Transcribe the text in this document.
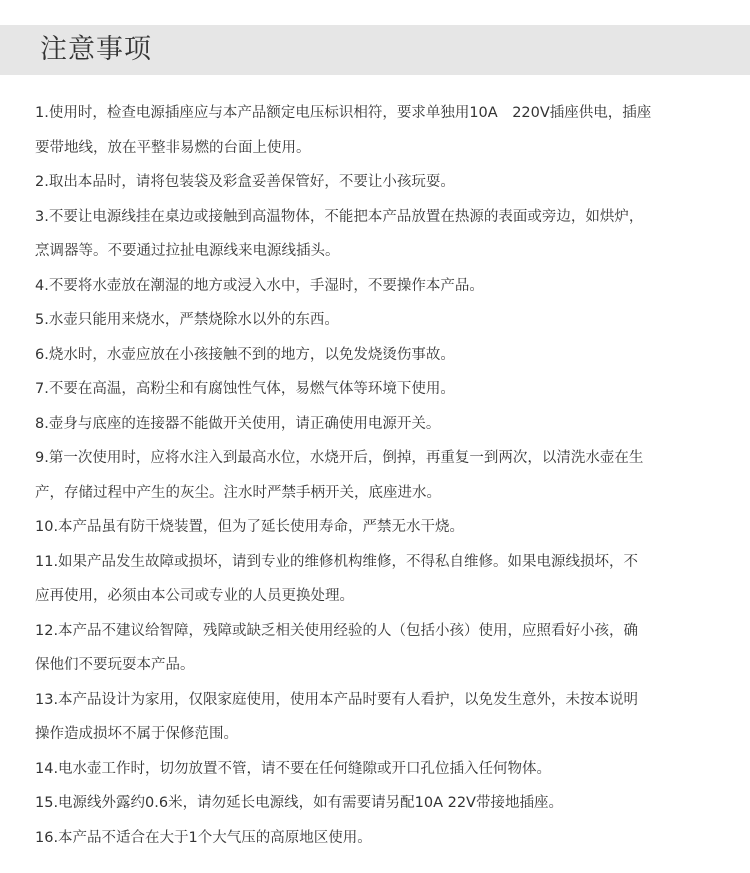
注意事项
1.使用时，检查电源插座应与本产品额定电压标识相符，要求单独用10A　220V插座供电，插座
要带地线，放在平整非易燃的台面上使用。
2.取出本品时，请将包装袋及彩盒妥善保管好，不要让小孩玩耍。
3.不要让电源线挂在桌边或接触到高温物体，不能把本产品放置在热源的表面或旁边，如烘炉，
烹调器等。不要通过拉扯电源线来电源线插头。
4.不要将水壶放在潮湿的地方或浸入水中，手湿时，不要操作本产品。
5.水壶只能用来烧水，严禁烧除水以外的东西。
6.烧水时，水壶应放在小孩接触不到的地方，以免发烧烫伤事故。
7.不要在高温，高粉尘和有腐蚀性气体，易燃气体等环境下使用。
8.壶身与底座的连接器不能做开关使用，请正确使用电源开关。
9.第一次使用时，应将水注入到最高水位，水烧开后，倒掉，再重复一到两次，以清洗水壶在生
产，存储过程中产生的灰尘。注水时严禁手柄开关，底座进水。
10.本产品虽有防干烧装置，但为了延长使用寿命，严禁无水干烧。
11.如果产品发生故障或损坏，请到专业的维修机构维修，不得私自维修。如果电源线损坏，不
应再使用，必须由本公司或专业的人员更换处理。
12.本产品不建议给智障，残障或缺乏相关使用经验的人（包括小孩）使用，应照看好小孩，确
保他们不要玩耍本产品。
13.本产品设计为家用，仅限家庭使用，使用本产品时要有人看护，以免发生意外，未按本说明
操作造成损坏不属于保修范围。
14.电水壶工作时，切勿放置不管，请不要在任何缝隙或开口孔位插入任何物体。
15.电源线外露约0.6米，请勿延长电源线，如有需要请另配10A 22V带接地插座。
16.本产品不适合在大于1个大气压的高原地区使用。
